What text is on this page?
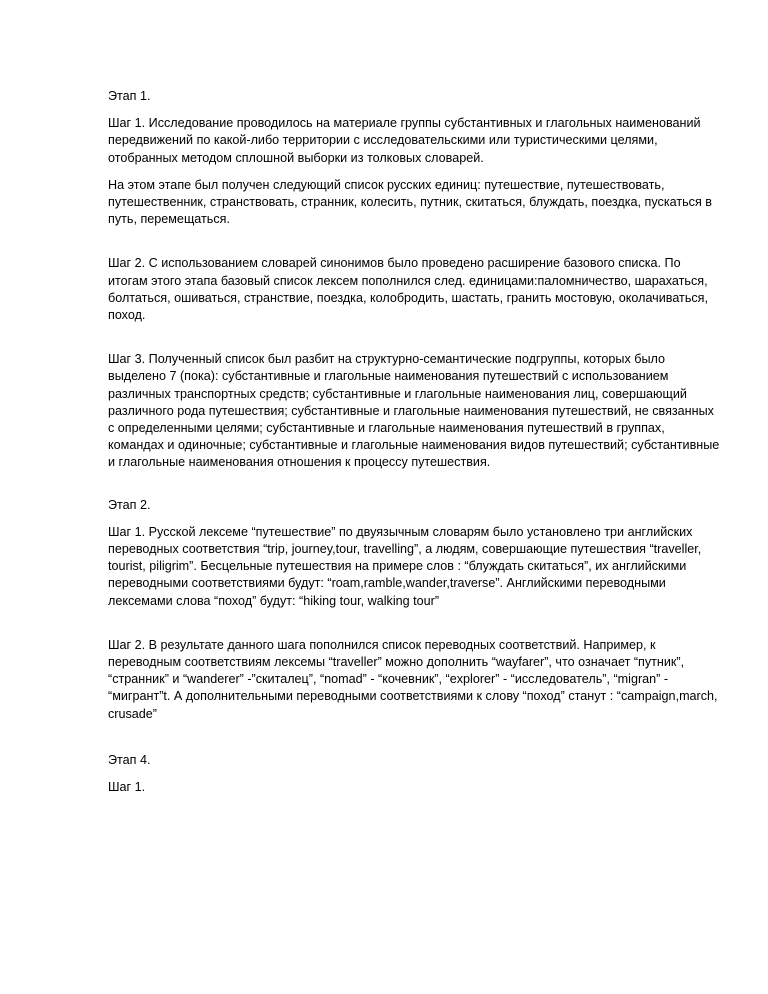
Этап 1.

Шаг 1. Исследование проводилось на материале группы субстантивных и глагольных наименований передвижений по какой-либо территории с исследовательскими или туристическими целями, отобранных методом сплошной выборки из толковых словарей.

На этом этапе был получен следующий список русских единиц: путешествие, путешествовать, путешественник, странствовать, странник, колесить, путник, скитаться, блуждать, поездка, пускаться в путь, перемещаться.

Шаг 2. С использованием словарей синонимов было проведено расширение базового списка. По итогам этого этапа базовый список лексем пополнился след. единицами:паломничество, шарахаться, болтаться, ошиваться, странствие, поездка, колобродить, шастать, гранить мостовую, околачиваться, поход.

Шаг 3. Полученный список был разбит на структурно-семантические подгруппы, которых было выделено 7 (пока): субстантивные и глагольные наименования путешествий с использованием различных транспортных средств; субстантивные и глагольные наименования лиц, совершающий различного рода путешествия; субстантивные и глагольные наименования путешествий, не связанных с определенными целями; субстантивные и глагольные наименования путешествий в группах, командах и одиночные; субстантивные и глагольные наименования видов путешествий; субстантивные и глагольные наименования отношения к процессу путешествия.

Этап 2.

Шаг 1. Русской лексеме “путешествие” по двуязычным словарям было установлено три английских переводных соответствия “trip, journey,tour, travelling”, а людям, совершающие путешествия “traveller, tourist, piligrim”. Бесцельные путешествия на примере слов : “блуждать скитаться”, их английскими переводными соответствиями будут: “roam,ramble,wander,traverse”. Английскими переводными лексемами слова “поход” будут: “hiking tour, walking tour”

Шаг 2. В результате данного шага пополнился список переводных соответствий. Например, к переводным соответствиям лексемы “traveller” можно дополнить “wayfarer”, что означает “путник”, “странник” и “wanderer” -”скиталец”, “nomad” - “кочевник”, “explorer” - “исследователь”, “migran” - “мигрант”t. А дополнительными переводными соответствиями к слову “поход” станут : “campaign,march, crusade”

Этап 4.

Шаг 1.
